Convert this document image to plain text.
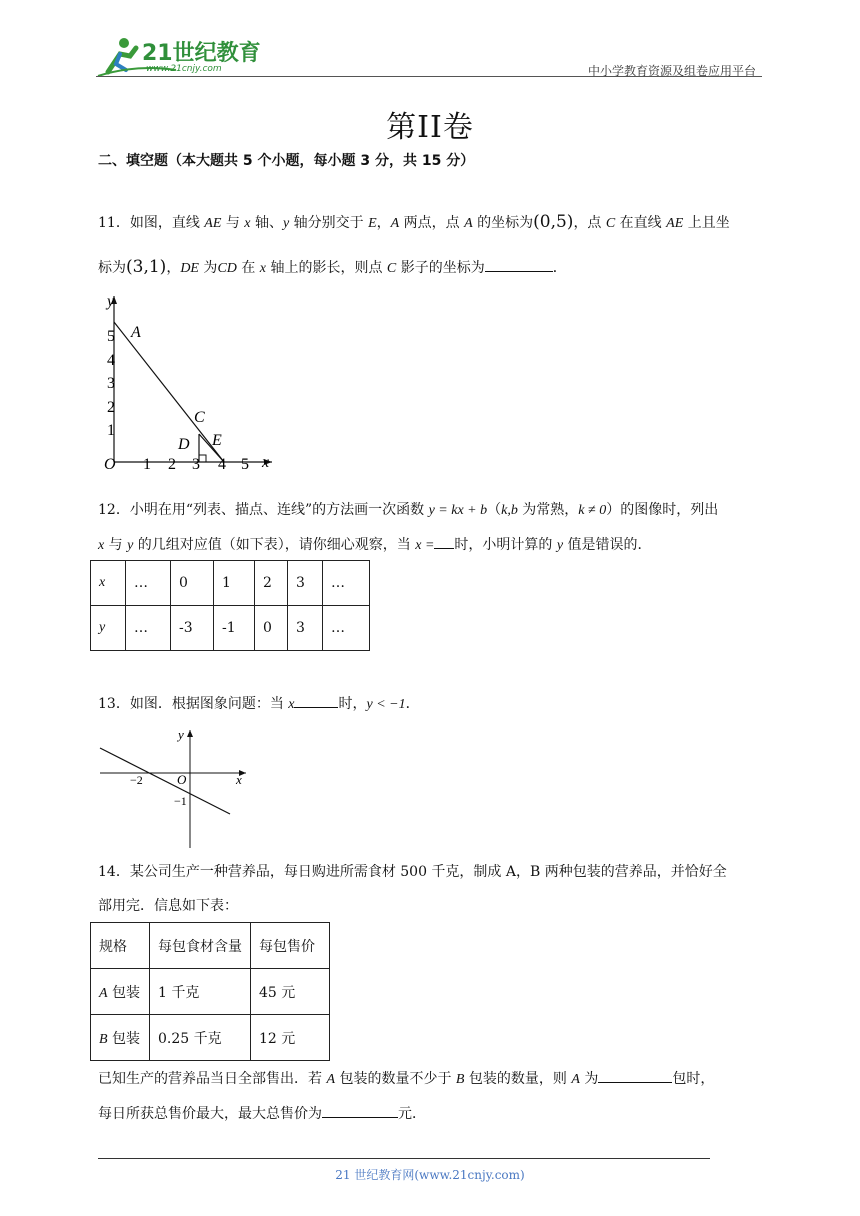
21世纪教育
www.21cnjy.com	中小学教育资源及组卷应用平台
第II卷
二、填空题（本大题共 5 个小题，每小题 3 分，共 15 分）
11．如图，直线 AE 与 x 轴、y 轴分别交于 E，A 两点，点 A 的坐标为(0,5)，点 C 在直线 AE 上且坐
标为(3,1)，DE 为CD 在 x 轴上的影长，则点 C 影子的坐标为	．
y
x
O
5
4
3
2
1
1 2 3 4 5
A
C
D E
12．小明在用“列表、描点、连线”的方法画一次函数 y = kx + b（k,b 为常熟，k ≠ 0）的图像时，列出
x 与 y 的几组对应值（如下表），请你细心观察，当 x = 时，小明计算的 y 值是错误的．
x	…	0	1	2	3	…
y	…	-3	-1	0	3	…
13．如图．根据图象问题：当 x	时，y < −1．
y
x
O
−2
−1
14．某公司生产一种营养品，每日购进所需食材 500 千克，制成 A，B 两种包装的营养品，并恰好全
部用完．信息如下表：
规格	每包食材含量	每包售价
A 包装	1 千克	45 元
B 包装	0.25 千克	12 元
已知生产的营养品当日全部售出．若 A 包装的数量不少于 B 包装的数量，则 A 为	包时，
每日所获总售价最大，最大总售价为	元．
21 世纪教育网(www.21cnjy.com)
